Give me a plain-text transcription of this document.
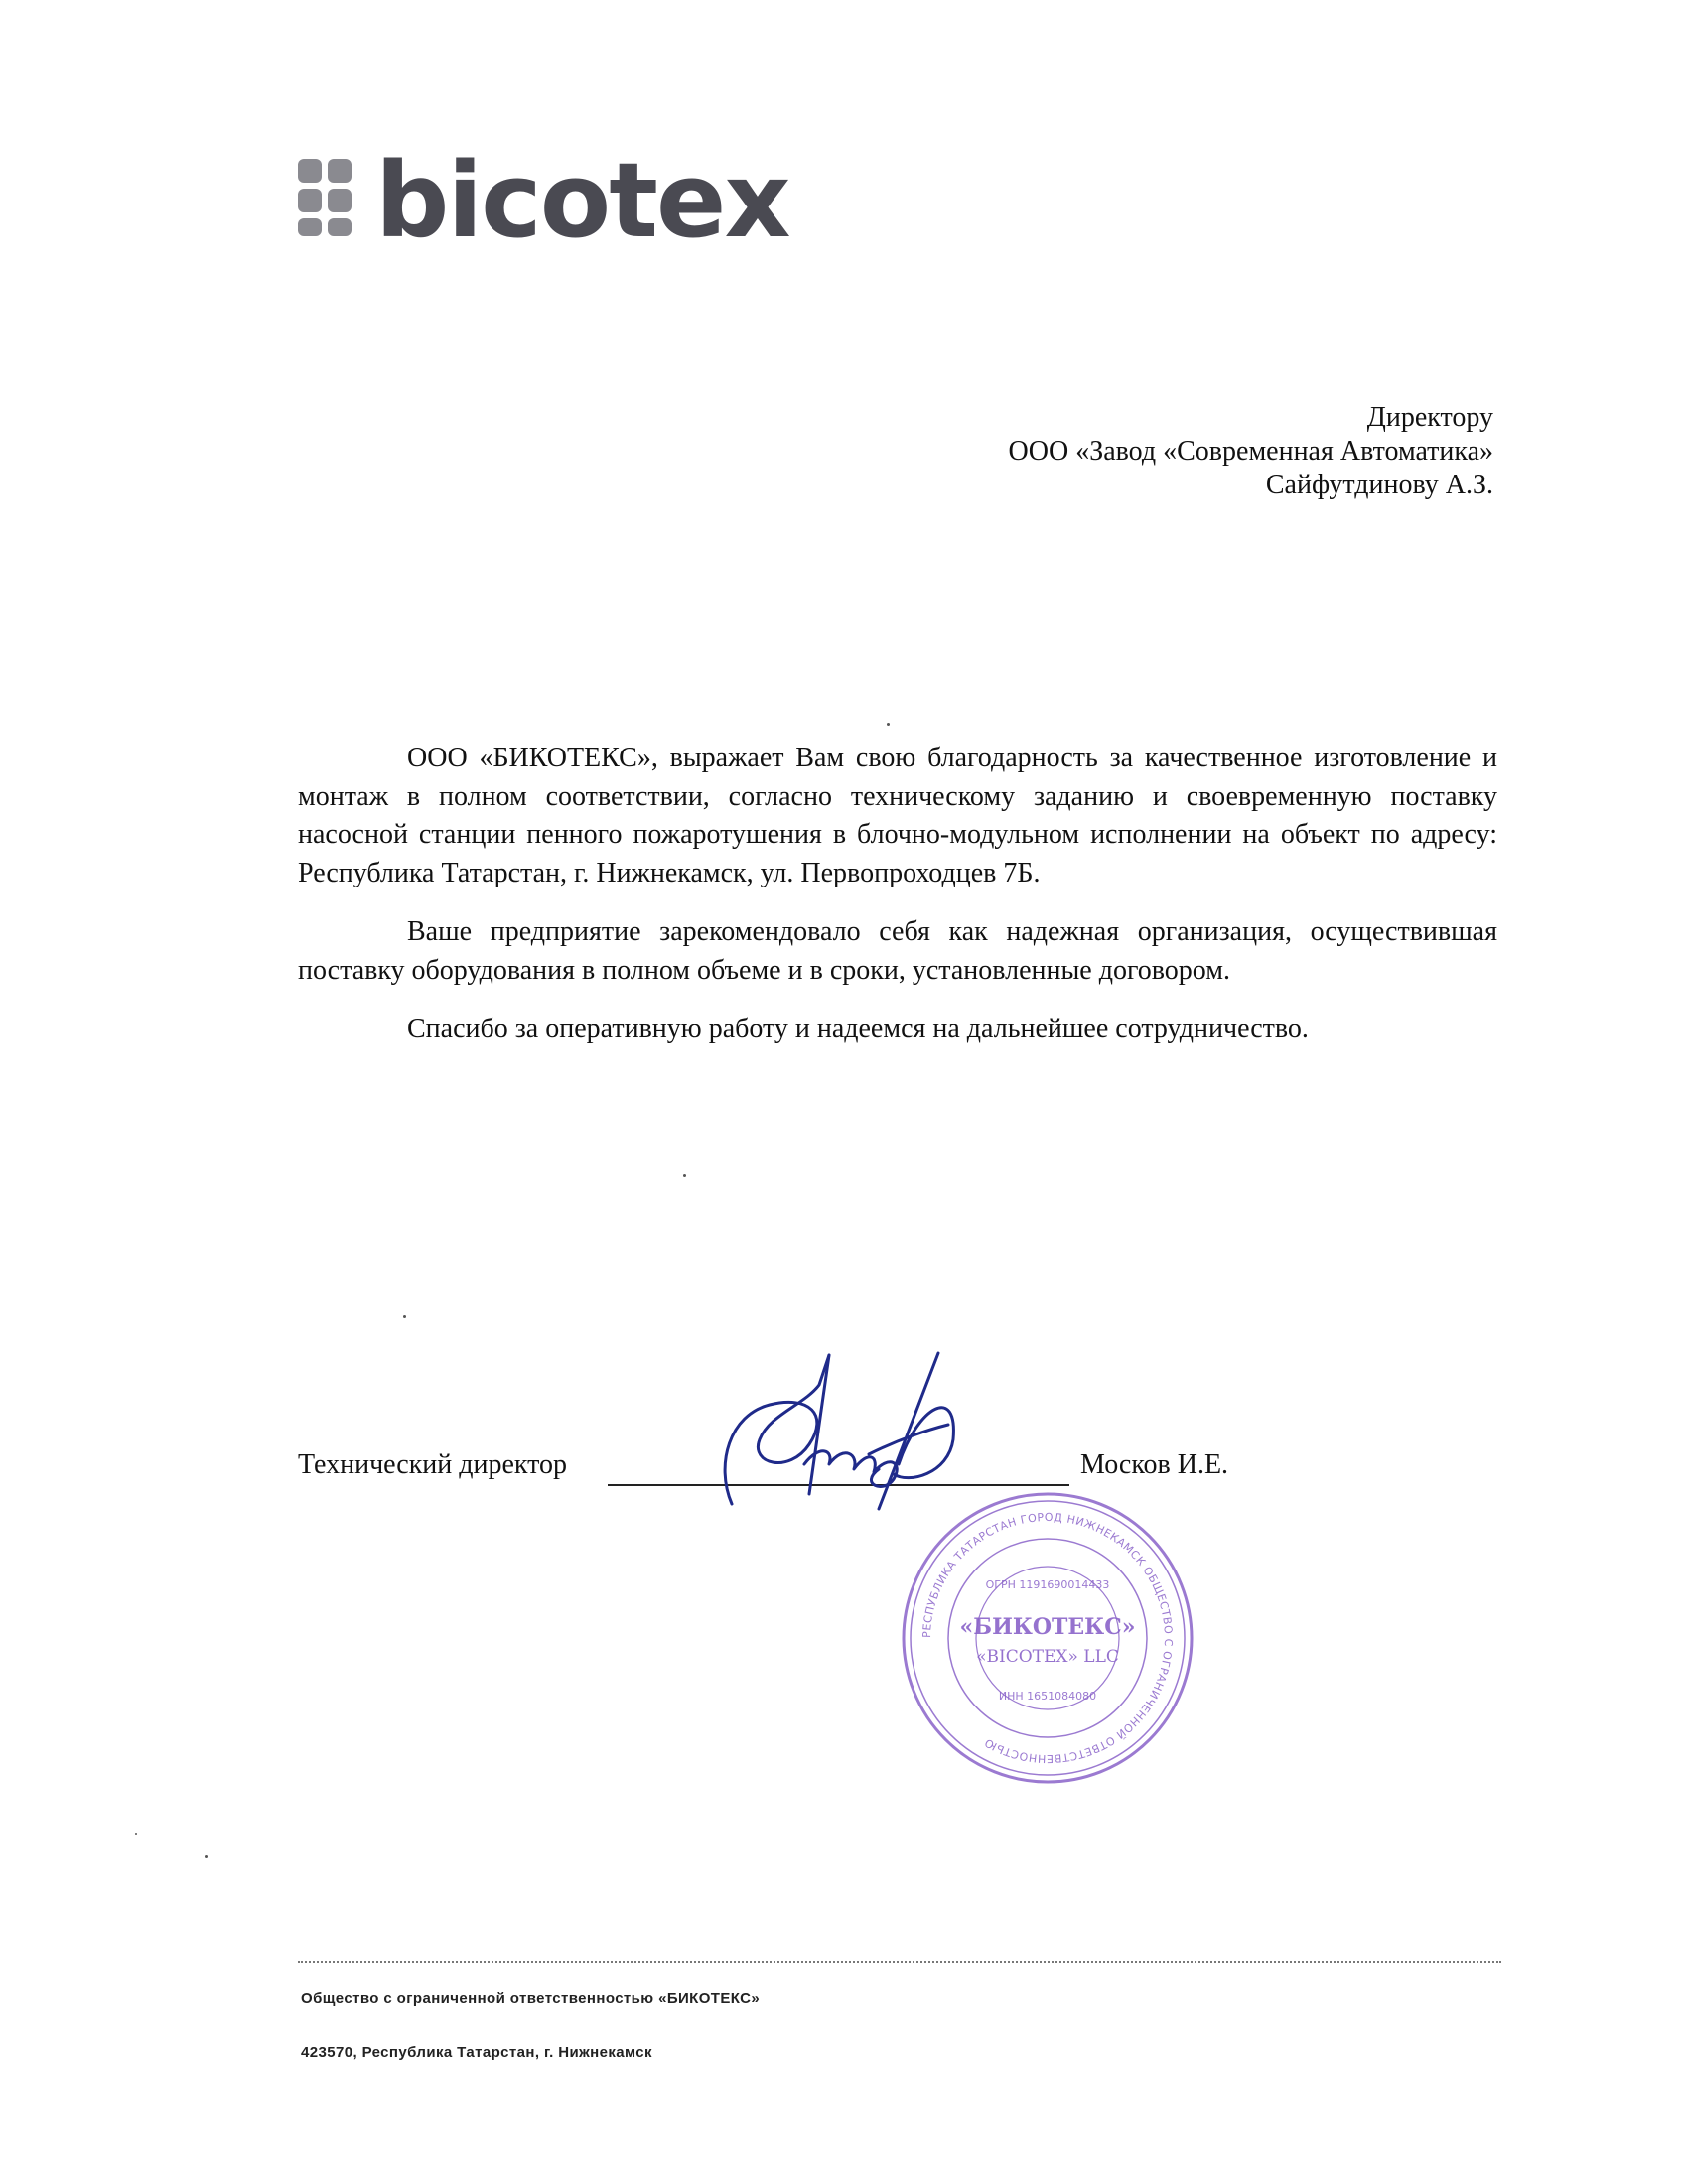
bicotex
Директору
ООО «Завод «Современная Автоматика»
Сайфутдинову А.З.

ООО «БИКОТЕКС», выражает Вам свою благодарность за качественное изготовление и монтаж в полном соответствии, согласно техническому заданию и своевременную поставку насосной станции пенного пожаротушения в блочно-модульном исполнении на объект по адресу: Республика Татарстан, г. Нижнекамск, ул. Первопроходцев 7Б.

Ваше предприятие зарекомендовало себя как надежная организация, осуществившая поставку оборудования в полном объеме и в сроки, установленные договором.

Спасибо за оперативную работу и надеемся на дальнейшее сотрудничество.

Технический директор	Москов И.Е.
РЕСПУБЛИКА ТАТАРСТАН ГОРОД НИЖНЕКАМСК ОБЩЕСТВО С ОГРАНИЧЕННОЙ ОТВЕТСТВЕННОСТЬЮ
ОГРН 1191690014433
«БИКОТЕКС»
«BICOTEX» LLC
ИНН 1651084080
Общество с ограниченной ответственностью «БИКОТЕКС»
423570, Республика Татарстан, г. Нижнекамск
